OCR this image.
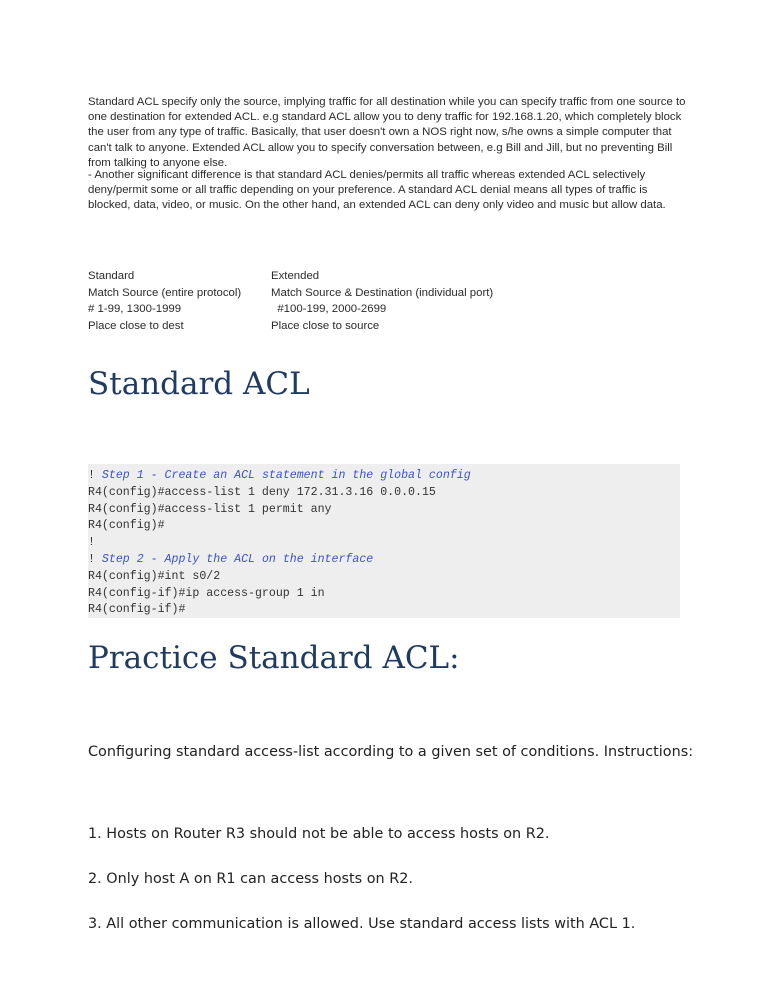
Standard ACL specify only the source, implying traffic for all destination while you can specify traffic from one source to one destination for extended ACL. e.g standard ACL allow you to deny traffic for 192.168.1.20, which completely block the user from any type of traffic. Basically, that user doesn't own a NOS right now, s/he owns a simple computer that can't talk to anyone. Extended ACL allow you to specify conversation between, e.g Bill and Jill, but no preventing Bill from talking to anyone else.

- Another significant difference is that standard ACL denies/permits all traffic whereas extended ACL selectively deny/permit some or all traffic depending on your preference. A standard ACL denial means all types of traffic is blocked, data, video, or music. On the other hand, an extended ACL can deny only video and music but allow data.

Standard
Match Source (entire protocol)
# 1-99, 1300-1999
Place close to dest
Extended
Match Source & Destination (individual port)
#100-199, 2000-2699
Place close to source
Standard ACL
! Step 1 - Create an ACL statement in the global config
R4(config)#access-list 1 deny 172.31.3.16 0.0.0.15
R4(config)#access-list 1 permit any
R4(config)#
!
! Step 2 - Apply the ACL on the interface
R4(config)#int s0/2
R4(config-if)#ip access-group 1 in
R4(config-if)#
Practice Standard ACL:

Configuring standard access-list according to a given set of conditions. Instructions:

1. Hosts on Router R3 should not be able to access hosts on R2.

2. Only host A on R1 can access hosts on R2.

3. All other communication is allowed. Use standard access lists with ACL 1.
